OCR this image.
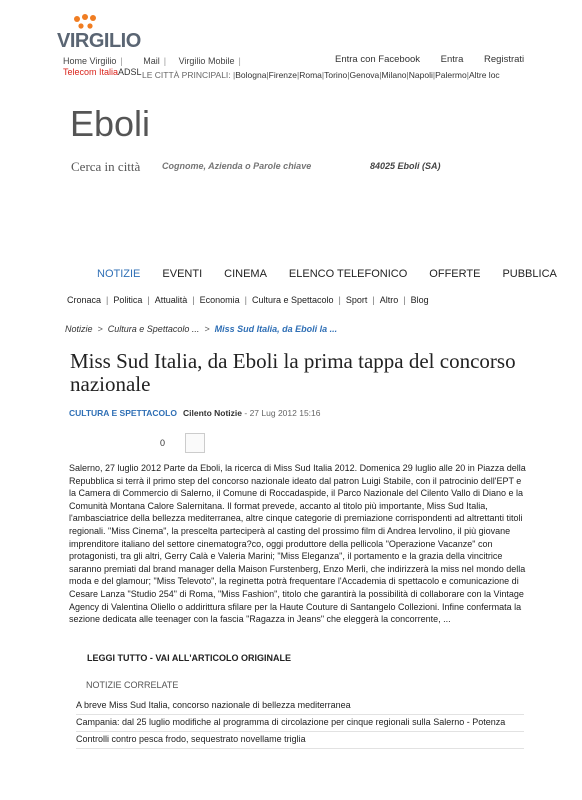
VIRGILIO
Home Virgilio | Mail | Virgilio Mobile |
Telecom ItaliaADSL
Entra con Facebook Entra Registrati
LE CITTÀ PRINCIPALI: |Bologna|Firenze|Roma|Torino|Genova|Milano|Napoli|Palermo|Altre loc
Eboli
Cerca in città
Cognome, Azienda o Parole chiave
84025 Eboli (SA)
NOTIZIE EVENTI CINEMA ELENCO TELEFONICO OFFERTE PUBBLICA
Cronaca | Politica | Attualità | Economia | Cultura e Spettacolo | Sport | Altro | Blog
Notizie > Cultura e Spettacolo ... > Miss Sud Italia, da Eboli la ...
Miss Sud Italia, da Eboli la prima tappa del concorso nazionale
CULTURA E SPETTACOLO Cilento Notizie - 27 Lug 2012 15:16
0
Salerno, 27 luglio 2012 Parte da Eboli, la ricerca di Miss Sud Italia 2012. Domenica 29 luglio alle 20 in Piazza della Repubblica si terrà il primo step del concorso nazionale ideato dal patron Luigi Stabile, con il patrocinio dell'EPT e la Camera di Commercio di Salerno, il Comune di Roccadaspide, il Parco Nazionale del Cilento Vallo di Diano e la Comunità Montana Calore Salernitana. Il format prevede, accanto al titolo più importante, Miss Sud Italia, l'ambasciatrice della bellezza mediterranea, altre cinque categorie di premiazione corrispondenti ad altrettanti titoli regionali. "Miss Cinema", la prescelta parteciperà al casting del prossimo film di Andrea Iervolino, il più giovane imprenditore italiano del settore cinematogra?co, oggi produttore della pellicola "Operazione Vacanze" con protagonisti, tra gli altri, Gerry Calà e Valeria Marini; "Miss Eleganza", il portamento e la grazia della vincitrice saranno premiati dal brand manager della Maison Furstenberg, Enzo Merli, che indirizzerà la miss nel mondo della moda e del glamour; "Miss Televoto", la reginetta potrà frequentare l'Accademia di spettacolo e comunicazione di Cesare Lanza "Studio 254" di Roma, "Miss Fashion", titolo che garantirà la possibilità di collaborare con la Vintage Agency di Valentina Oliello o addirittura sfilare per la Haute Couture di Santangelo Collezioni. Infine confermata la sezione dedicata alle teenager con la fascia "Ragazza in Jeans" che eleggerà la concorrente, ...
LEGGI TUTTO - VAI ALL'ARTICOLO ORIGINALE
NOTIZIE CORRELATE
A breve Miss Sud Italia, concorso nazionale di bellezza mediterranea
Campania: dal 25 luglio modifiche al programma di circolazione per cinque regionali sulla Salerno - Potenza
Controlli contro pesca frodo, sequestrato novellame triglia
